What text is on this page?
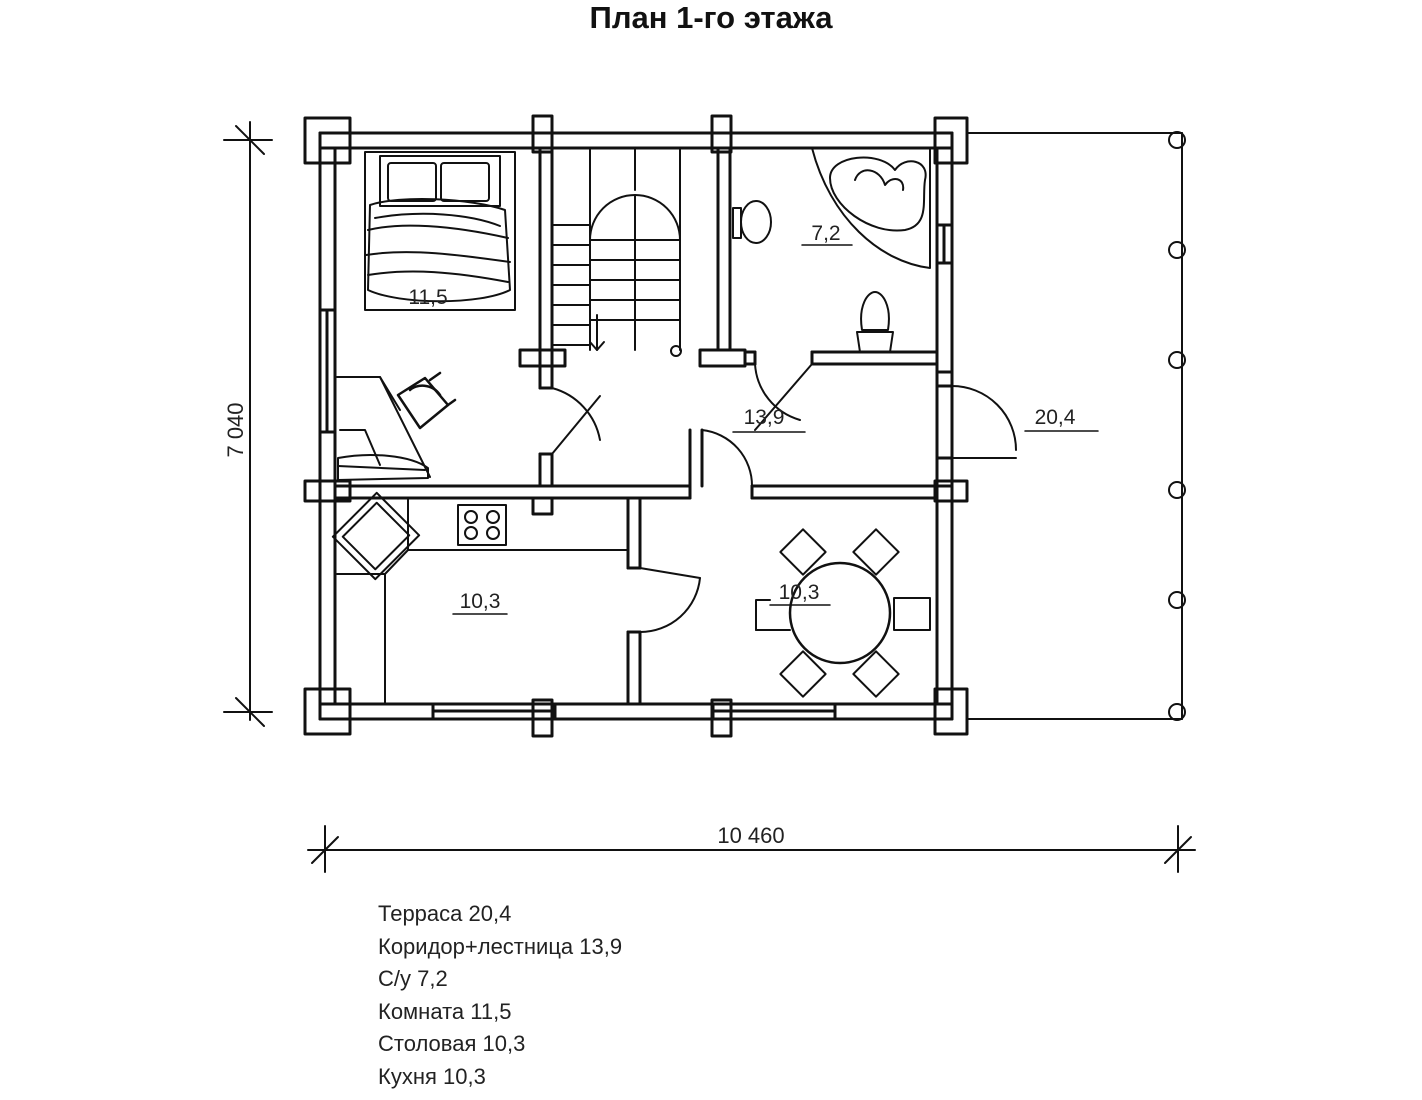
План 1-го этажа
11,5
7,2
13,9	20,4
10,3	10,3
7 040
10 460
Терраса 20,4
Коридор+лестница 13,9
С/у 7,2
Комната 11,5
Столовая 10,3
Кухня 10,3
